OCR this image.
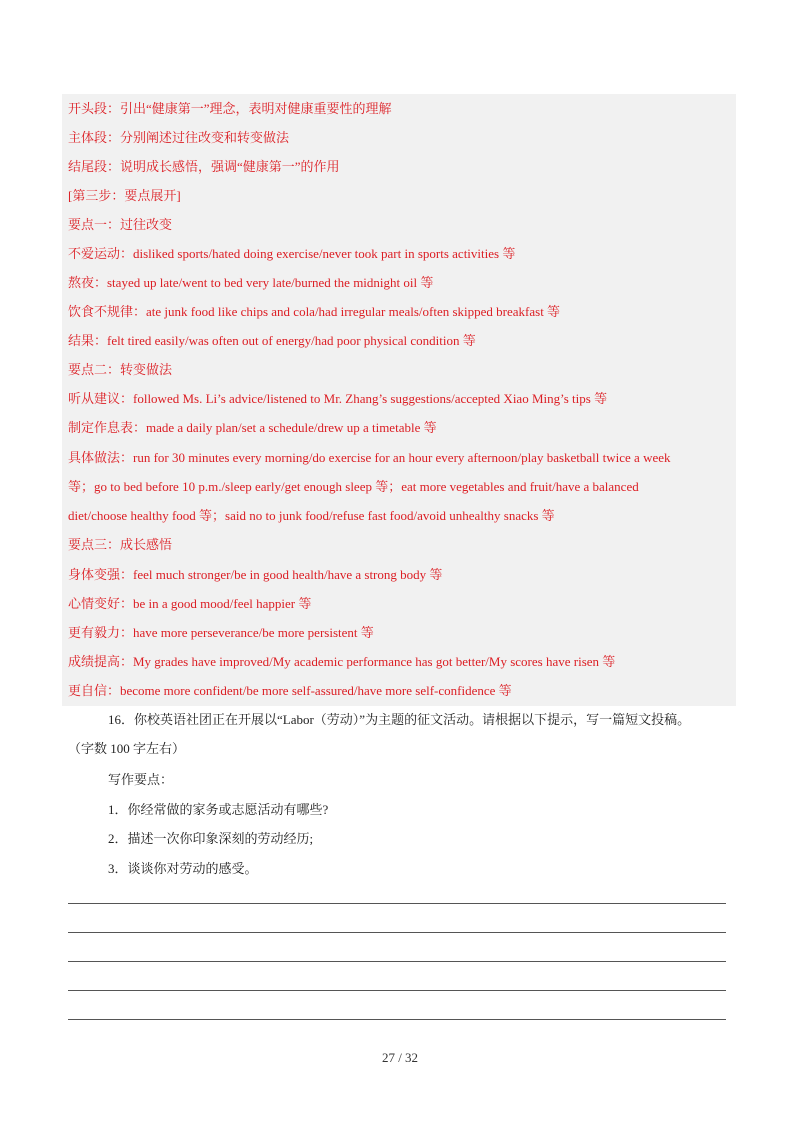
开头段：引出“健康第一”理念，表明对健康重要性的理解
主体段：分别阐述过往改变和转变做法
结尾段：说明成长感悟，强调“健康第一”的作用
[第三步：要点展开]
要点一：过往改变
不爱运动：disliked sports/hated doing exercise/never took part in sports activities 等
熬夜：stayed up late/went to bed very late/burned the midnight oil 等
饮食不规律：ate junk food like chips and cola/had irregular meals/often skipped breakfast 等
结果：felt tired easily/was often out of energy/had poor physical condition 等
要点二：转变做法
听从建议：followed Ms. Li’s advice/listened to Mr. Zhang’s suggestions/accepted Xiao Ming’s tips 等
制定作息表：made a daily plan/set a schedule/drew up a timetable 等
具体做法：run for 30 minutes every morning/do exercise for an hour every afternoon/play basketball twice a week
等；go to bed before 10 p.m./sleep early/get enough sleep 等；eat more vegetables and fruit/have a balanced
diet/choose healthy food 等；said no to junk food/refuse fast food/avoid unhealthy snacks 等
要点三：成长感悟
身体变强：feel much stronger/be in good health/have a strong body 等
心情变好：be in a good mood/feel happier 等
更有毅力：have more perseverance/be more persistent 等
成绩提高：My grades have improved/My academic performance has got better/My scores have risen 等
更自信：become more confident/be more self-assured/have more self-confidence 等
16．你校英语社团正在开展以“Labor（劳动）”为主题的征文活动。请根据以下提示，写一篇短文投稿。
（字数 100 字左右）
写作要点：
1．你经常做的家务或志愿活动有哪些?
2．描述一次你印象深刻的劳动经历;
3．谈谈你对劳动的感受。
27 / 32
